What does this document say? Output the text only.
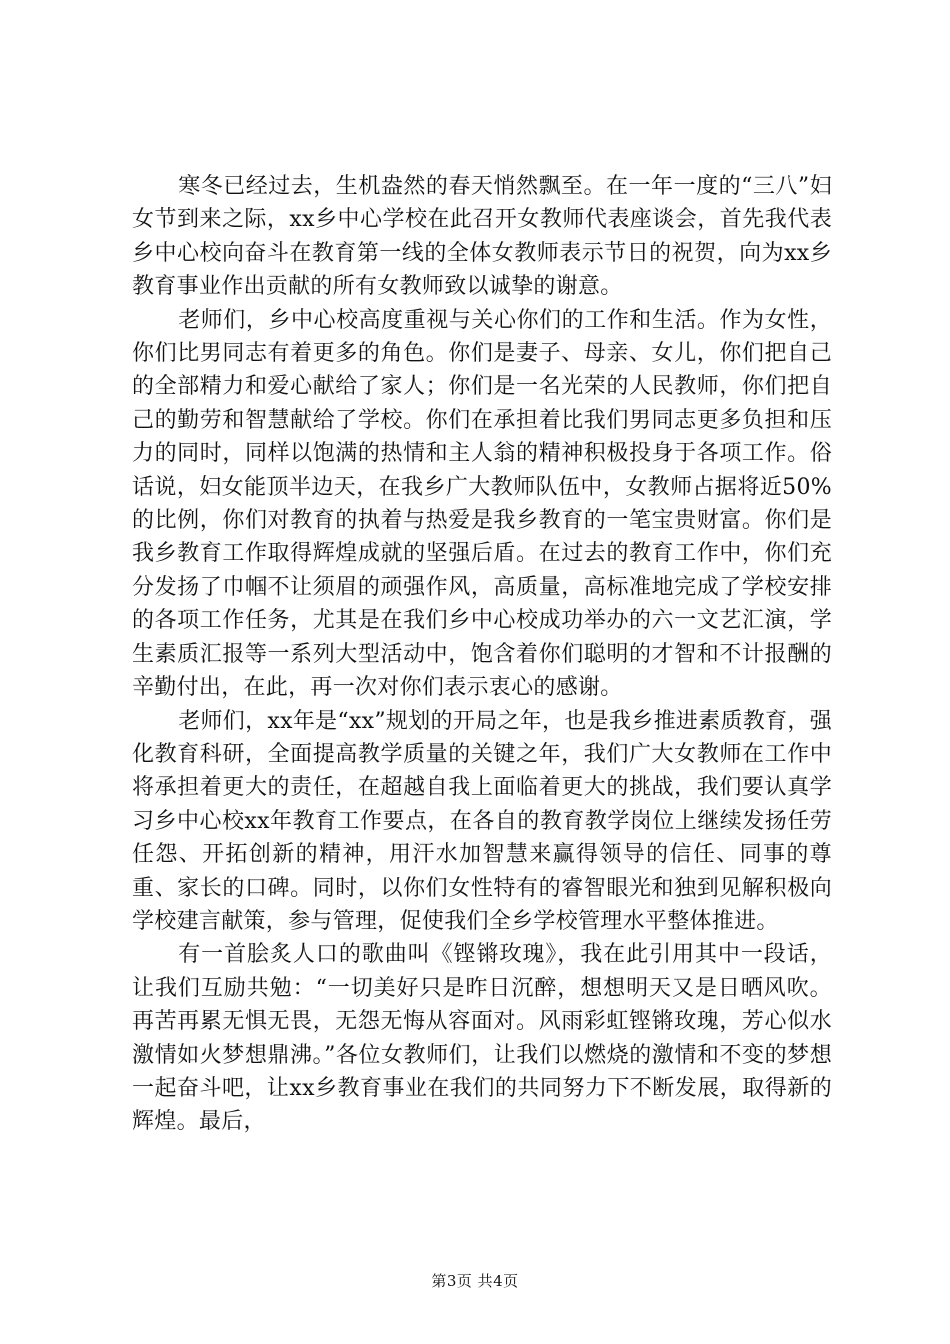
寒冬已经过去，生机盎然的春天悄然飘至。在一年一度的“三八”妇女节到来之际，xx乡中心学校在此召开女教师代表座谈会，首先我代表乡中心校向奋斗在教育第一线的全体女教师表示节日的祝贺，向为xx乡教育事业作出贡献的所有女教师致以诚挚的谢意。

老师们，乡中心校高度重视与关心你们的工作和生活。作为女性，你们比男同志有着更多的角色。你们是妻子、母亲、女儿，你们把自己的全部精力和爱心献给了家人；你们是一名光荣的人民教师，你们把自己的勤劳和智慧献给了学校。你们在承担着比我们男同志更多负担和压力的同时，同样以饱满的热情和主人翁的精神积极投身于各项工作。俗话说，妇女能顶半边天，在我乡广大教师队伍中，女教师占据将近50%的比例，你们对教育的执着与热爱是我乡教育的一笔宝贵财富。你们是我乡教育工作取得辉煌成就的坚强后盾。在过去的教育工作中，你们充分发扬了巾帼不让须眉的顽强作风，高质量，高标准地完成了学校安排的各项工作任务，尤其是在我们乡中心校成功举办的六一文艺汇演，学生素质汇报等一系列大型活动中，饱含着你们聪明的才智和不计报酬的辛勤付出，在此，再一次对你们表示衷心的感谢。

老师们，xx年是“xx”规划的开局之年，也是我乡推进素质教育，强化教育科研，全面提高教学质量的关键之年，我们广大女教师在工作中将承担着更大的责任，在超越自我上面临着更大的挑战，我们要认真学习乡中心校xx年教育工作要点，在各自的教育教学岗位上继续发扬任劳任怨、开拓创新的精神，用汗水加智慧来赢得领导的信任、同事的尊重、家长的口碑。同时，以你们女性特有的睿智眼光和独到见解积极向学校建言献策，参与管理，促使我们全乡学校管理水平整体推进。

有一首脍炙人口的歌曲叫《铿锵玫瑰》，我在此引用其中一段话，让我们互励共勉：“一切美好只是昨日沉醉，想想明天又是日晒风吹。再苦再累无惧无畏，无怨无悔从容面对。风雨彩虹铿锵玫瑰，芳心似水激情如火梦想鼎沸。”各位女教师们，让我们以燃烧的激情和不变的梦想一起奋斗吧，让xx乡教育事业在我们的共同努力下不断发展，取得新的辉煌。最后，

第3页 共4页
